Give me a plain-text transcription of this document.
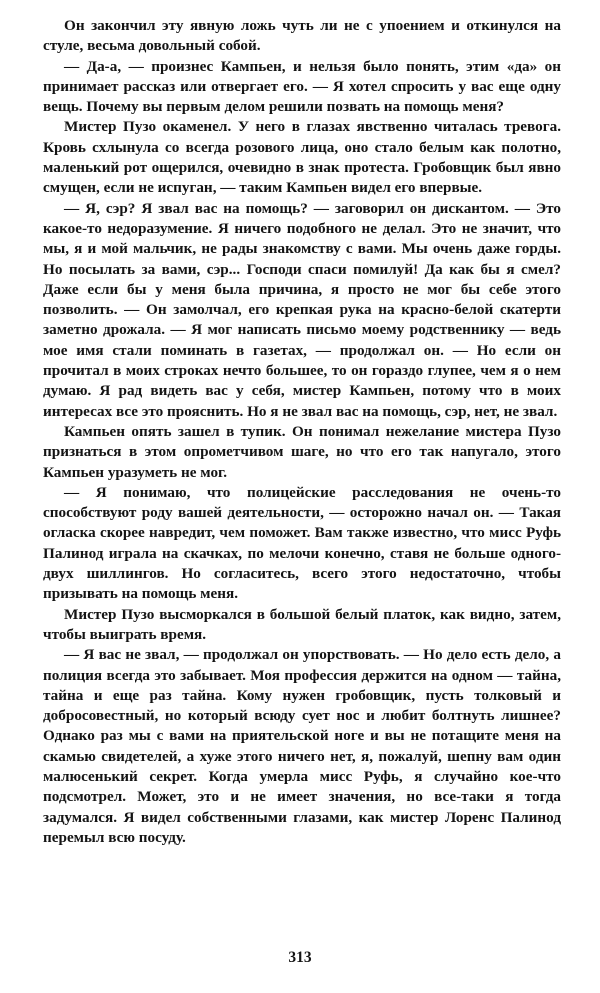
Он закончил эту явную ложь чуть ли не с упоением и откинулся на стуле, весьма довольный собой.

— Да-а, — произнес Кампьен, и нельзя было понять, этим «да» он принимает рассказ или отвергает его. — Я хотел спросить у вас еще одну вещь. Почему вы первым делом решили позвать на помощь меня?

Мистер Пузо окаменел. У него в глазах явственно читалась тревога. Кровь схлынула со всегда розового лица, оно стало белым как полотно, маленький рот ощерился, очевидно в знак протеста. Гробовщик был явно смущен, если не испуган, — таким Кампьен видел его впервые.

— Я, сэр? Я звал вас на помощь? — заговорил он дискантом. — Это какое-то недоразумение. Я ничего подобного не делал. Это не значит, что мы, я и мой мальчик, не рады знакомству с вами. Мы очень даже горды. Но посылать за вами, сэр... Господи спаси помилуй! Да как бы я смел? Даже если бы у меня была причина, я просто не мог бы себе этого позволить. — Он замолчал, его крепкая рука на красно-белой скатерти заметно дрожала. — Я мог написать письмо моему родственнику — ведь мое имя стали поминать в газетах, — продолжал он. — Но если он прочитал в моих строках нечто большее, то он гораздо глупее, чем я о нем думаю. Я рад видеть вас у себя, мистер Кампьен, потому что в моих интересах все это прояснить. Но я не звал вас на помощь, сэр, нет, не звал.

Кампьен опять зашел в тупик. Он понимал нежелание мистера Пузо признаться в этом опрометчивом шаге, но что его так напугало, этого Кампьен уразуметь не мог.

— Я понимаю, что полицейские расследования не очень-то способствуют роду вашей деятельности, — осторожно начал он. — Такая огласка скорее навредит, чем поможет. Вам также известно, что мисс Руфь Палинод играла на скачках, по мелочи конечно, ставя не больше одного-двух шиллингов. Но согласитесь, всего этого недостаточно, чтобы призывать на помощь меня.

Мистер Пузо высморкался в большой белый платок, как видно, затем, чтобы выиграть время.

— Я вас не звал, — продолжал он упорствовать. — Но дело есть дело, а полиция всегда это забывает. Моя профессия держится на одном — тайна, тайна и еще раз тайна. Кому нужен гробовщик, пусть толковый и добросовестный, но который всюду сует нос и любит болтнуть лишнее? Однако раз мы с вами на приятельской ноге и вы не потащите меня на скамью свидетелей, а хуже этого ничего нет, я, пожалуй, шепну вам один малюсенький секрет. Когда умерла мисс Руфь, я случайно кое-что подсмотрел. Может, это и не имеет значения, но все-таки я тогда задумался. Я видел собственными глазами, как мистер Лоренс Палинод перемыл всю посуду.

313
